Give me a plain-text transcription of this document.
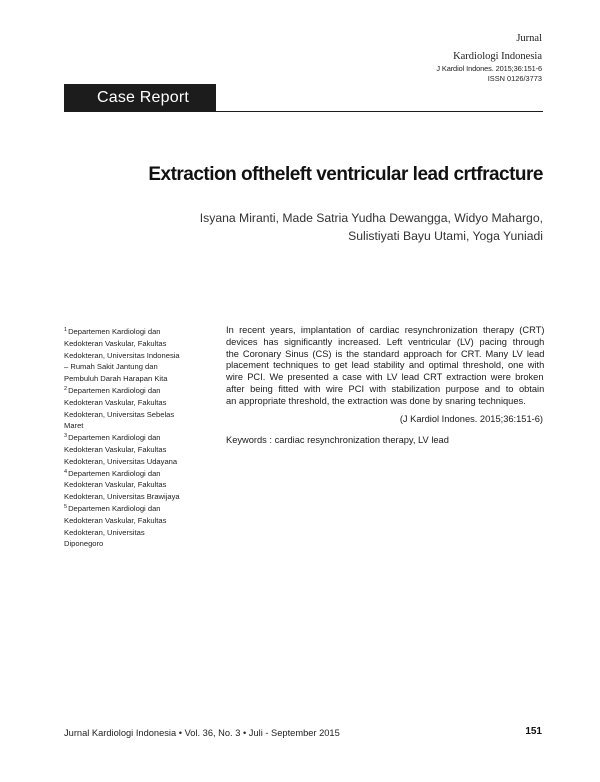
Jurnal
Kardiologi Indonesia
J Kardiol Indones. 2015;36:151-6
ISSN 0126/3773
Case Report
Extraction oftheleft ventricular lead crtfracture
Isyana Miranti, Made Satria Yudha Dewangga, Widyo Mahargo,
Sulistiyati Bayu Utami, Yoga Yuniadi
$^1$Departemen Kardiologi dan
Kedokteran Vaskular, Fakultas
Kedokteran, Universitas Indonesia
– Rumah Sakit Jantung dan
Pembuluh Darah Harapan Kita
$^2$Departemen Kardiologi dan
Kedokteran Vaskular, Fakultas
Kedokteran, Universitas Sebelas
Maret
$^3$Departemen Kardiologi dan
Kedokteran Vaskular, Fakultas
Kedokteran, Universitas Udayana
$^4$Departemen Kardiologi dan
Kedokteran Vaskular, Fakultas
Kedokteran, Universitas Brawijaya
$^5$Departemen Kardiologi dan
Kedokteran Vaskular, Fakultas
Kedokteran, Universitas
Diponegoro
In recent years, implantation of cardiac resynchronization therapy (CRT)
devices has significantly increased. Left ventricular (LV) pacing through
the Coronary Sinus (CS) is the standard approach for CRT. Many LV lead
placement techniques to get lead stability and optimal threshold, one with
wire PCI. We presented a case with LV lead CRT extraction were broken
after being fitted with wire PCI with stabilization purpose and to obtain
an appropriate threshold, the extraction was done by snaring techniques.
(J Kardiol Indones. 2015;36:151-6)
Keywords : cardiac resynchronization therapy, LV lead
Jurnal Kardiologi Indonesia • Vol. 36, No. 3 • Juli - September 2015	151
